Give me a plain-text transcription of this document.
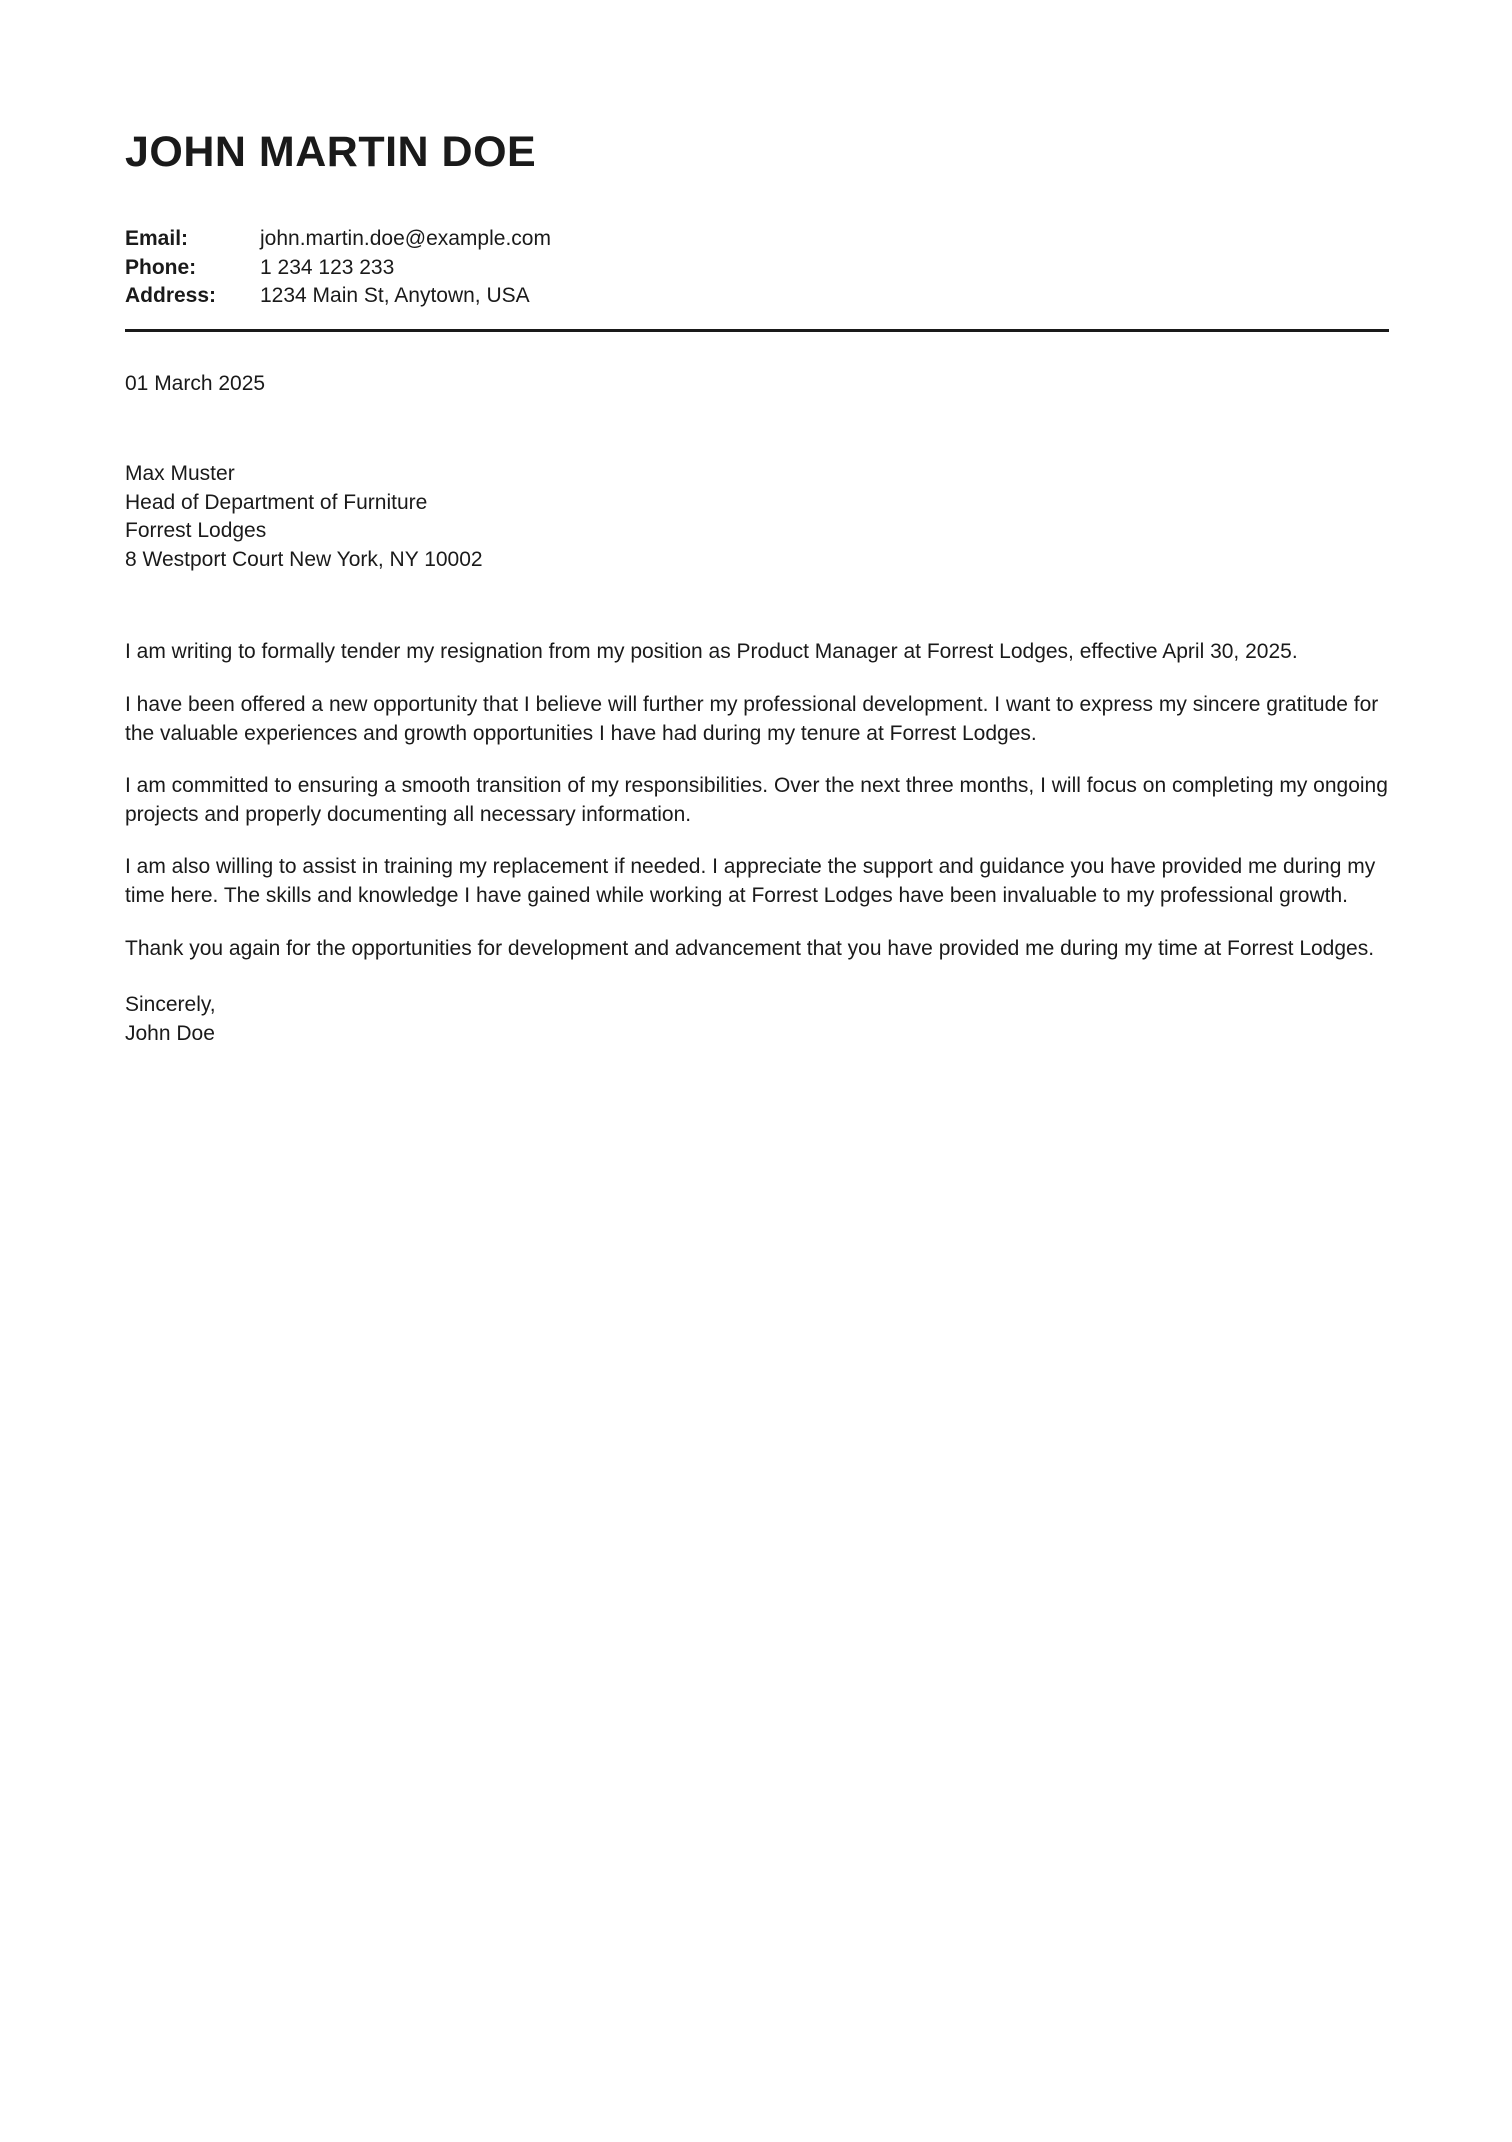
JOHN MARTIN DOE
Email:	john.martin.doe@example.com
Phone:	1 234 123 233
Address:	1234 Main St, Anytown, USA

01 March 2025

Max Muster
Head of Department of Furniture
Forrest Lodges
8 Westport Court New York, NY 10002

I am writing to formally tender my resignation from my position as Product Manager at Forrest Lodges, effective April 30, 2025.

I have been offered a new opportunity that I believe will further my professional development. I want to express my sincere gratitude for the valuable experiences and growth opportunities I have had during my tenure at Forrest Lodges.

I am committed to ensuring a smooth transition of my responsibilities. Over the next three months, I will focus on completing my ongoing projects and properly documenting all necessary information.

I am also willing to assist in training my replacement if needed. I appreciate the support and guidance you have provided me during my time here. The skills and knowledge I have gained while working at Forrest Lodges have been invaluable to my professional growth.

Thank you again for the opportunities for development and advancement that you have provided me during my time at Forrest Lodges.

Sincerely,
John Doe
